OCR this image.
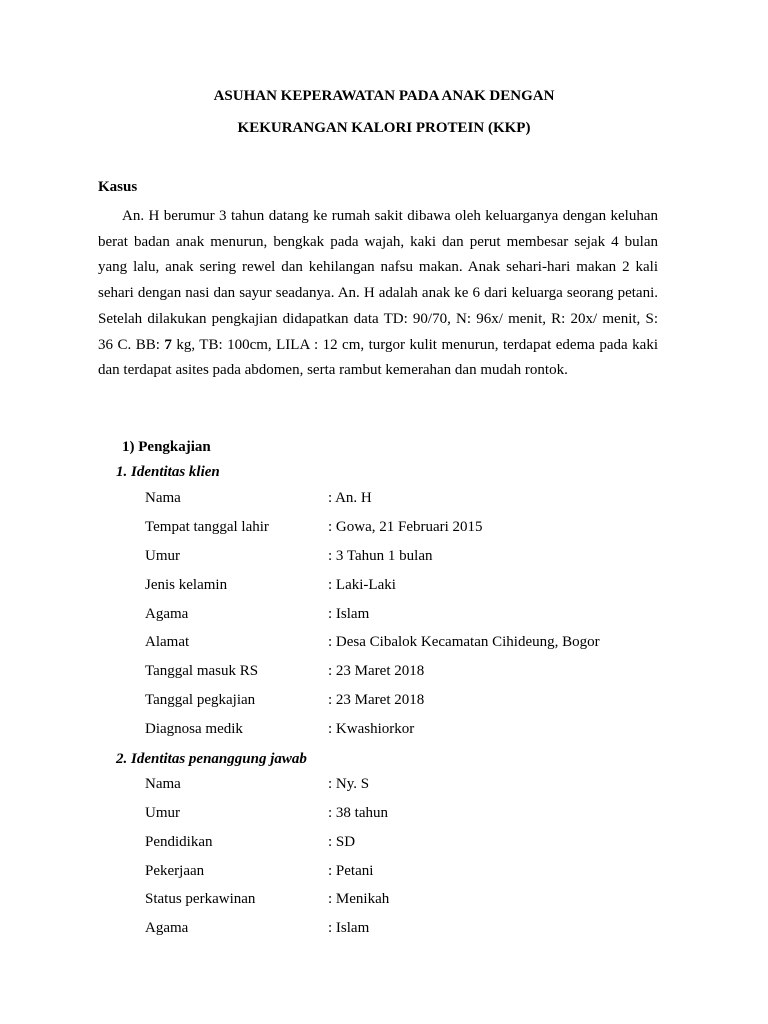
ASUHAN KEPERAWATAN PADA ANAK DENGAN
KEKURANGAN KALORI PROTEIN (KKP)
Kasus

An. H berumur 3 tahun datang ke rumah sakit dibawa oleh keluarganya dengan keluhan berat badan anak menurun, bengkak pada wajah, kaki dan perut membesar sejak 4 bulan yang lalu, anak sering rewel dan kehilangan nafsu makan. Anak sehari-hari makan 2 kali sehari dengan nasi dan sayur seadanya. An. H adalah anak ke 6 dari keluarga seorang petani. Setelah dilakukan pengkajian didapatkan data TD: 90/70, N: 96x/ menit, R: 20x/ menit, S: 36 C. BB: 7 kg, TB: 100cm, LILA : 12 cm, turgor kulit menurun, terdapat edema pada kaki dan terdapat asites pada abdomen, serta rambut kemerahan dan mudah rontok.

1) Pengkajian
1. Identitas klien
Nama	: An. H
Tempat tanggal lahir	: Gowa, 21 Februari 2015
Umur	: 3 Tahun 1 bulan
Jenis kelamin	: Laki-Laki
Agama	: Islam
Alamat	: Desa Cibalok Kecamatan Cihideung, Bogor
Tanggal masuk RS	: 23 Maret 2018
Tanggal pegkajian	: 23 Maret 2018
Diagnosa medik	: Kwashiorkor
2. Identitas penanggung jawab
Nama	: Ny. S
Umur	: 38 tahun
Pendidikan	: SD
Pekerjaan	: Petani
Status perkawinan	: Menikah
Agama	: Islam
